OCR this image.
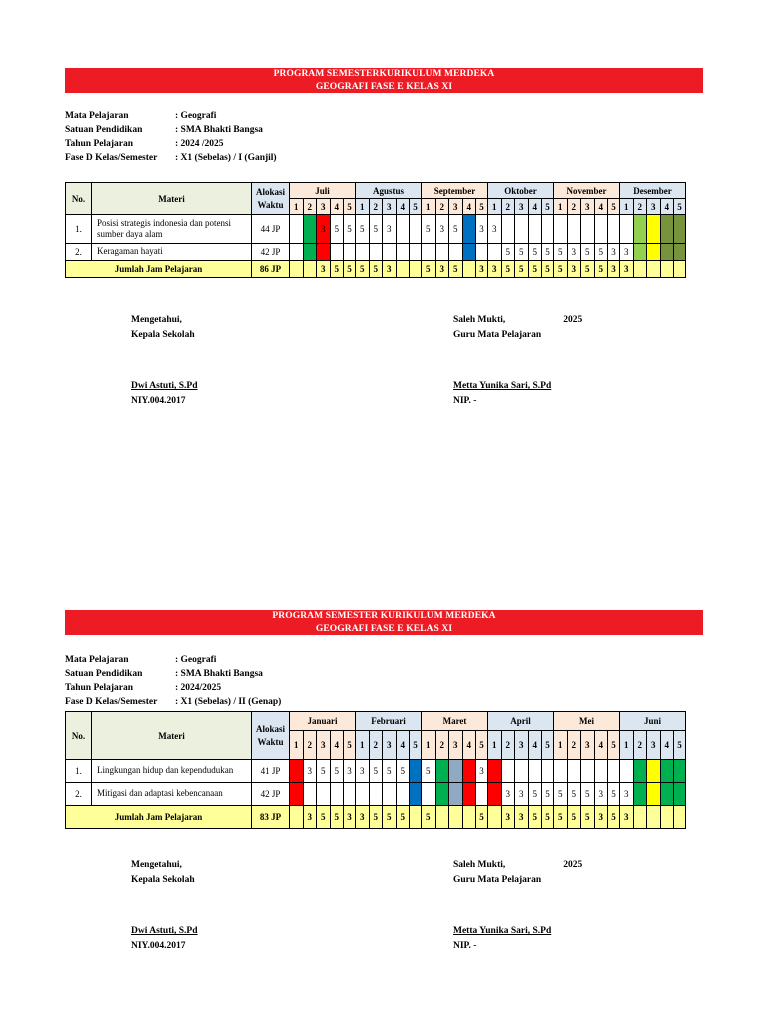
PROGRAM SEMESTERKURIKULUM MERDEKA
GEOGRAFI FASE E KELAS XI
Mata Pelajaran	: Geografi
Satuan Pendidikan	: SMA Bhakti Bangsa
Tahun Pelajaran	: 2024 /2025
Fase D Kelas/Semester	: X1 (Sebelas) / I (Ganjil)
No.	Materi	Alokasi Waktu	Juli					Agustus					September					Oktober					November					Desember				
			1	2	3	4	5	1	2	3	4	5	1	2	3	4	5	1	2	3	4	5	1	2	3	4	5	1	2	3	4	5
1.	Posisi strategis indonesia dan potensi sumber daya alam	44 JP			3	5	5	5	5	3			5	3	5		3	3														
2.	Keragaman hayati	42 JP																	5	5	5	5	5	3	5	5	3	3				
Jumlah Jam Pelajaran		86 JP			3	5	5	5	5	3			5	3	5		3	3	5	5	5	5	5	3	5	5	3	3				
Mengetahui,
Kepala Sekolah
Dwi Astuti, S.Pd
NIY.004.2017
Saleh Mukti,	2025
Guru Mata Pelajaran
Metta Yunika Sari, S.Pd
NIP. -
PROGRAM SEMESTER KURIKULUM MERDEKA
GEOGRAFI FASE E KELAS XI
Mata Pelajaran	: Geografi
Satuan Pendidikan	: SMA Bhakti Bangsa
Tahun Pelajaran	: 2024/2025
Fase D Kelas/Semester	: X1 (Sebelas) / II (Genap)
No.	Materi	Alokasi Waktu	Januari					Februari					Maret					April					Mei					Juni				
			1	2	3	4	5	1	2	3	4	5	1	2	3	4	5	1	2	3	4	5	1	2	3	4	5	1	2	3	4	5
1.	Lingkungan hidup dan kependudukan	41 JP		3	5	5	3	3	5	5	5		5				3															
2.	Mitigasi dan adaptasi kebencanaan	42 JP																	3	3	5	5	5	5	5	3	5	3				
Jumlah Jam Pelajaran		83 JP		3	5	5	3	3	5	5	5		5				5		3	3	5	5	5	5	5	3	5	3				
Mengetahui,
Kepala Sekolah
Dwi Astuti, S.Pd
NIY.004.2017
Saleh Mukti,	2025
Guru Mata Pelajaran
Metta Yunika Sari, S.Pd
NIP. -
